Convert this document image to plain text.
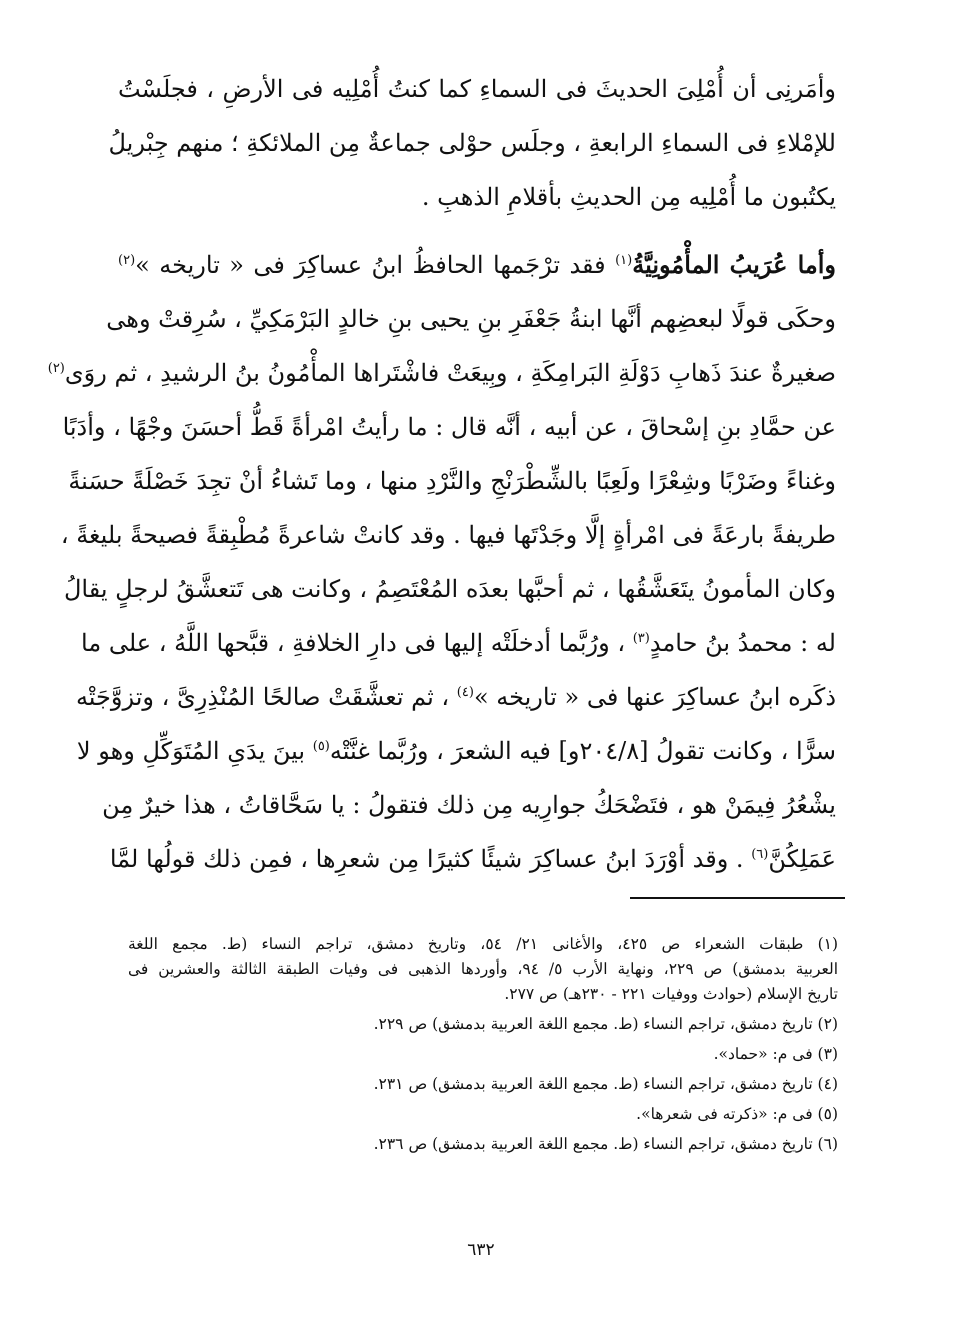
وأمَرنِى أن أُمْلِىَ الحديثَ فى السماءِ كما كنتُ أُمْلِيه فى الأرضِ ، فجلَسْتُ
للإمْلاءِ فى السماءِ الرابعةِ ، وجلَس حوْلى جماعةٌ مِن الملائكةِ ؛ منهم جِبْريلُ
يكتُبون ما أُمْلِيه مِن الحديثِ بأقلامِ الذهبِ .
وأما عُرَيبُ المأْمُونِيَّةُ$^{(١)}$ فقد ترْجَمها الحافظُ ابنُ عساكِرَ فى « تاريخه »$^{(٢)}$
وحكَى قولًا لبعضِهم أنَّها ابنةُ جَعْفَرِ بنِ يحيى بنِ خالدٍ البَرْمَكِيِّ ، سُرِقتْ وهى
صغيرةٌ عندَ ذَهابِ دَوْلَةِ البَرامِكَةِ ، وبِيعَتْ فاشْتَراها المأْمُونُ بنُ الرشيدِ ، ثم روَى$^{(٢)}$
عن حمَّادِ بنِ إسْحاقَ ، عن أبيه ، أنَّه قال : ما رأيتُ امْرأةً قَطُّ أحسَنَ وجْهًا ، وأدَبًا
وغناءً وضَرْبًا وشِعْرًا ولَعِبًا بالشِّطْرَنْجِ والنَّرْدِ منها ، وما تَشاءُ أنْ تجِدَ خَصْلَةً حسَنةً
طريفةً بارعَةً فى امْرأةٍ إلَّا وجَدْتَها فيها . وقد كانتْ شاعرةً مُطْبِقةً فصيحةً بليغةً ،
وكان المأمونُ يتَعَشَّقُها ، ثم أحبَّها بعدَه المُعْتَصِمُ ، وكانت هى تَتعشَّقُ لرجلٍ يقالُ
له : محمدُ بنُ حامدٍ$^{(٣)}$ ، ورُبَّما أدخلَتْه إليها فى دارِ الخلافةِ ، قبَّحها اللَّهُ ، على ما
ذكَره ابنُ عساكِرَ عنها فى « تاريخه »$^{(٤)}$ ، ثم تعشَّقَتْ صالحًا المُنْذِرِىَّ ، وتزوَّجَتْه
سرًّا ، وكانت تقولُ [٢٠٤/٨و] فيه الشعرَ ، ورُبَّما غنَّتْه$^{(٥)}$ بينَ يدَىِ المُتَوَكِّلِ وهو لا
يشْعُرُ فِيمَنْ هو ، فتَضْحَكُ جوارِيه مِن ذلك فتقولُ : يا سَحَّاقاتُ ، هذا خيرٌ مِن
عَمَلِكُنَّ$^{(٦)}$ . وقد أوْرَدَ ابنُ عساكِرَ شيئًا كثيرًا مِن شعرِها ، فمِن ذلك قولُها لمَّا
(١) طبقات الشعراء ص ٤٢٥، والأغانى ٢١/ ٥٤، وتاريخ دمشق، تراجم النساء (ط. مجمع اللغة
العربية بدمشق) ص ٢٢٩، ونهاية الأرب ٥/ ٩٤، وأوردها الذهبى فى وفيات الطبقة الثالثة والعشرين فى
تاريخ الإسلام (حوادث ووفيات ٢٢١ - ٢٣٠هـ) ص ٢٧٧.
(٢) تاريخ دمشق، تراجم النساء (ط. مجمع اللغة العربية بدمشق) ص ٢٢٩.
(٣) فى م: «حماد».
(٤) تاريخ دمشق، تراجم النساء (ط. مجمع اللغة العربية بدمشق) ص ٢٣١.
(٥) فى م: «ذكرته فى شعرها».
(٦) تاريخ دمشق، تراجم النساء (ط. مجمع اللغة العربية بدمشق) ص ٢٣٦.
٦٣٢
